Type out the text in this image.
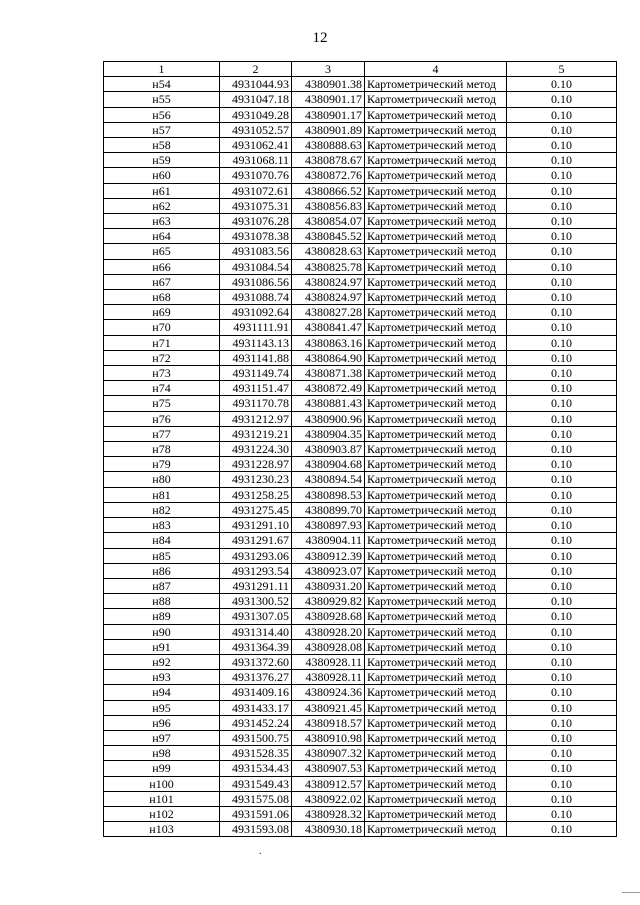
12
1	2	3	4	5
н54	4931044.93	4380901.38	Картометрический метод	0.10
н55	4931047.18	4380901.17	Картометрический метод	0.10
н56	4931049.28	4380901.17	Картометрический метод	0.10
н57	4931052.57	4380901.89	Картометрический метод	0.10
н58	4931062.41	4380888.63	Картометрический метод	0.10
н59	4931068.11	4380878.67	Картометрический метод	0.10
н60	4931070.76	4380872.76	Картометрический метод	0.10
н61	4931072.61	4380866.52	Картометрический метод	0.10
н62	4931075.31	4380856.83	Картометрический метод	0.10
н63	4931076.28	4380854.07	Картометрический метод	0.10
н64	4931078.38	4380845.52	Картометрический метод	0.10
н65	4931083.56	4380828.63	Картометрический метод	0.10
н66	4931084.54	4380825.78	Картометрический метод	0.10
н67	4931086.56	4380824.97	Картометрический метод	0.10
н68	4931088.74	4380824.97	Картометрический метод	0.10
н69	4931092.64	4380827.28	Картометрический метод	0.10
н70	4931111.91	4380841.47	Картометрический метод	0.10
н71	4931143.13	4380863.16	Картометрический метод	0.10
н72	4931141.88	4380864.90	Картометрический метод	0.10
н73	4931149.74	4380871.38	Картометрический метод	0.10
н74	4931151.47	4380872.49	Картометрический метод	0.10
н75	4931170.78	4380881.43	Картометрический метод	0.10
н76	4931212.97	4380900.96	Картометрический метод	0.10
н77	4931219.21	4380904.35	Картометрический метод	0.10
н78	4931224.30	4380903.87	Картометрический метод	0.10
н79	4931228.97	4380904.68	Картометрический метод	0.10
н80	4931230.23	4380894.54	Картометрический метод	0.10
н81	4931258.25	4380898.53	Картометрический метод	0.10
н82	4931275.45	4380899.70	Картометрический метод	0.10
н83	4931291.10	4380897.93	Картометрический метод	0.10
н84	4931291.67	4380904.11	Картометрический метод	0.10
н85	4931293.06	4380912.39	Картометрический метод	0.10
н86	4931293.54	4380923.07	Картометрический метод	0.10
н87	4931291.11	4380931.20	Картометрический метод	0.10
н88	4931300.52	4380929.82	Картометрический метод	0.10
н89	4931307.05	4380928.68	Картометрический метод	0.10
н90	4931314.40	4380928.20	Картометрический метод	0.10
н91	4931364.39	4380928.08	Картометрический метод	0.10
н92	4931372.60	4380928.11	Картометрический метод	0.10
н93	4931376.27	4380928.11	Картометрический метод	0.10
н94	4931409.16	4380924.36	Картометрический метод	0.10
н95	4931433.17	4380921.45	Картометрический метод	0.10
н96	4931452.24	4380918.57	Картометрический метод	0.10
н97	4931500.75	4380910.98	Картометрический метод	0.10
н98	4931528.35	4380907.32	Картометрический метод	0.10
н99	4931534.43	4380907.53	Картометрический метод	0.10
н100	4931549.43	4380912.57	Картометрический метод	0.10
н101	4931575.08	4380922.02	Картометрический метод	0.10
н102	4931591.06	4380928.32	Картометрический метод	0.10
н103	4931593.08	4380930.18	Картометрический метод	0.10
.
